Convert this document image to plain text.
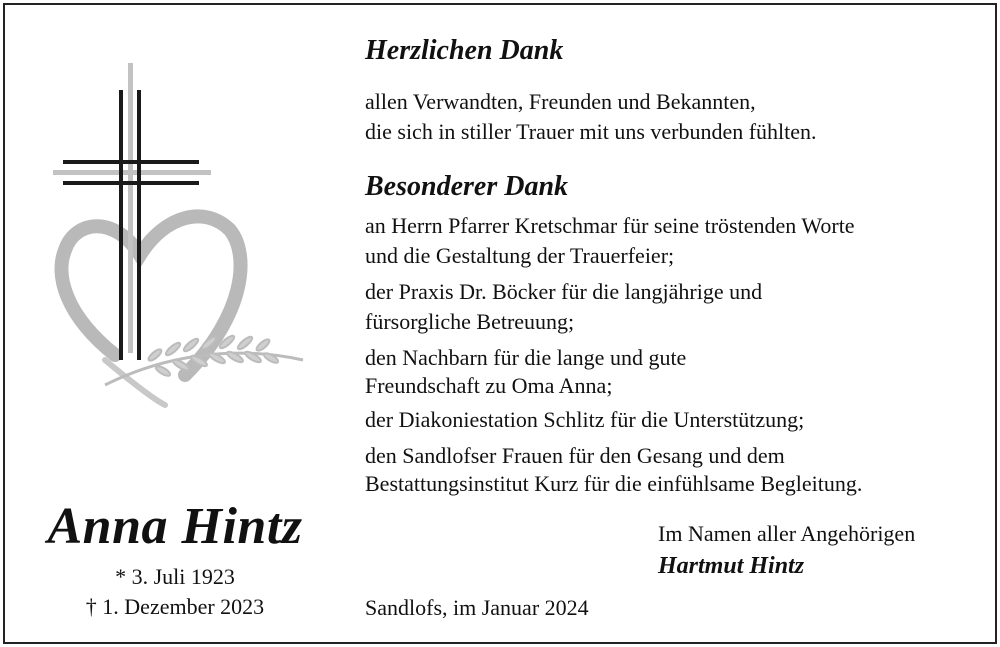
Anna Hintz
* 3. Juli 1923
† 1. Dezember 2023
Herzlichen Dank
allen Verwandten, Freunden und Bekannten,
die sich in stiller Trauer mit uns verbunden fühlten.
Besonderer Dank
an Herrn Pfarrer Kretschmar für seine tröstenden Worte
und die Gestaltung der Trauerfeier;
der Praxis Dr. Böcker für die langjährige und
fürsorgliche Betreuung;
den Nachbarn für die lange und gute
Freundschaft zu Oma Anna;
der Diakoniestation Schlitz für die Unterstützung;
den Sandlofser Frauen für den Gesang und dem
Bestattungsinstitut Kurz für die einfühlsame Begleitung.
Im Namen aller Angehörigen
Hartmut Hintz
Sandlofs, im Januar 2024
